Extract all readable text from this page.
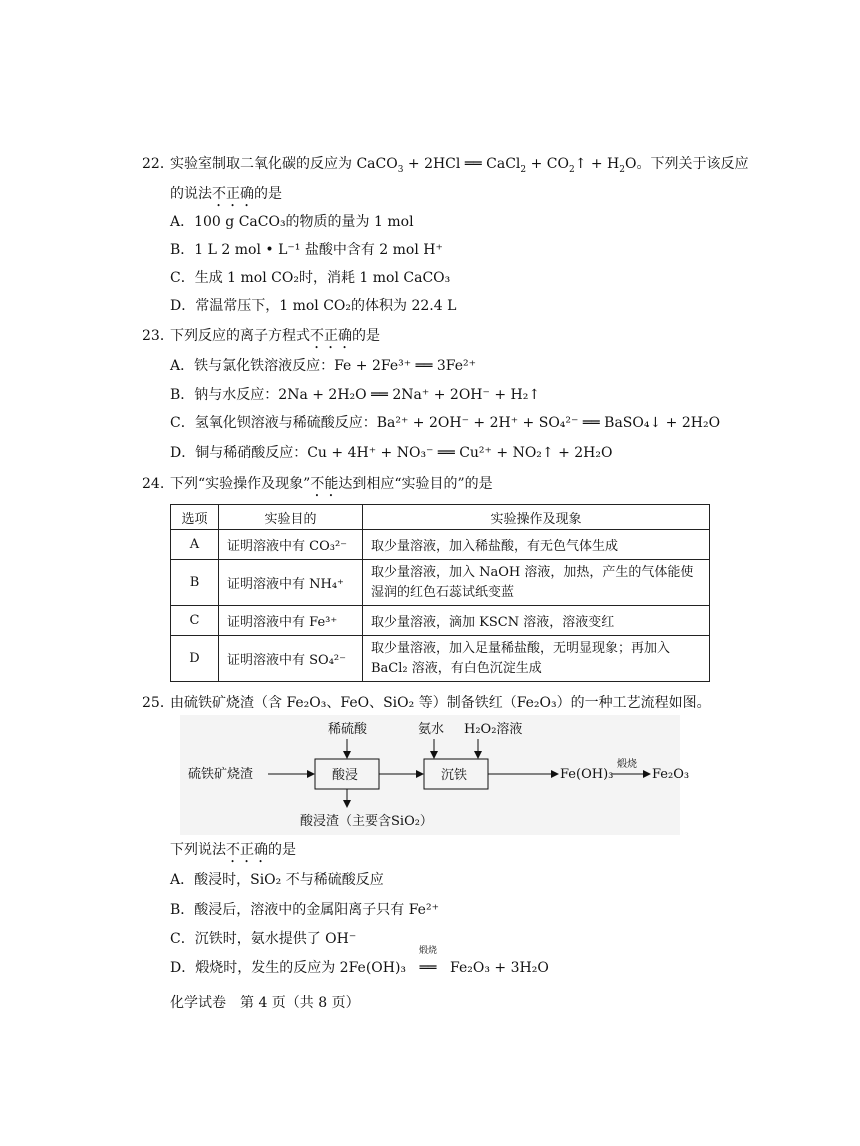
22．
实验室制取二氧化碳的反应为 CaCO$_3$ + 2HCl ══ CaCl$_2$ + $CO_2↑ + H_2O$。下列关于该反应
的说法不正确的是
A．100 g CaCO₃的物质的量为 1 mol
B．1 L 2 mol • L⁻¹ 盐酸中含有 2 mol H⁺
C．生成 1 mol CO₂时，消耗 1 mol CaCO₃
D．常温常压下，1 mol CO₂的体积为 22.4 L
23．
下列反应的离子方程式不正确的是
A．铁与氯化铁溶液反应：Fe + 2Fe³⁺ ══ 3Fe²⁺
B．钠与水反应：2Na + 2H₂O ══ 2Na⁺ + 2OH⁻ + H₂↑
C．氢氧化钡溶液与稀硫酸反应：Ba²⁺ + 2OH⁻ + 2H⁺ + SO₄²⁻ ══ BaSO₄↓ + 2H₂O
D．铜与稀硝酸反应：Cu + 4H⁺ + NO₃⁻ ══ Cu²⁺ + NO₂↑ + 2H₂O
24. 下列“实验操作及现象”不能达到相应“实验目的”的是
选项	实验目的	实验操作及现象
A	证明溶液中有 CO₃²⁻	取少量溶液，加入稀盐酸，有无色气体生成
B	证明溶液中有 NH₄⁺	取少量溶液，加入 NaOH 溶液，加热，产生的气体能使湿润的红色石蕊试纸变蓝
C	证明溶液中有 Fe³⁺	取少量溶液，滴加 KSCN 溶液，溶液变红
D	证明溶液中有 SO₄²⁻	取少量溶液，加入足量稀盐酸，无明显现象；再加入 BaCl₂ 溶液，有白色沉淀生成
25．
由硫铁矿烧渣（含 Fe₂O₃、FeO、SiO₂ 等）制备铁红（Fe₂O₃）的一种工艺流程如图。
硫铁矿烧渣	酸浸
稀硫酸
酸浸渣（主要含SiO₂）
沉铁
氨水 H₂O₂溶液
Fe(OH)₃
煅烧
Fe₂O₃
下列说法不正确的是
A．酸浸时，SiO₂ 不与稀硫酸反应
B．酸浸后，溶液中的金属阳离子只有 Fe²⁺
C．沉铁时，氨水提供了 OH⁻
D．煅烧时，发生的反应为 2Fe(OH)₃
煅烧
══ Fe₂O₃ + 3H₂O
化学试卷　第 4 页（共 8 页）
